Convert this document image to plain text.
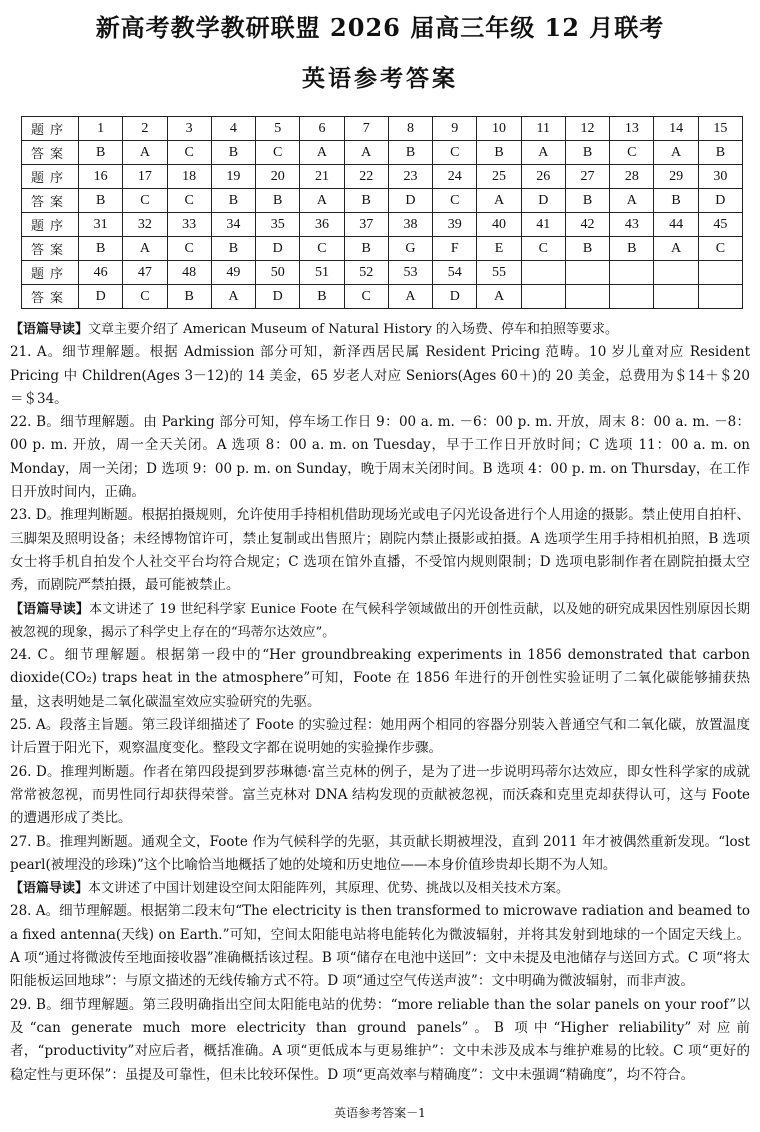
新高考教学教研联盟 2026 届高三年级 12 月联考
英语参考答案
题序	1	2	3	4	5	6	7	8	9	10	11	12	13	14	15
答案	B	A	C	B	C	A	A	B	C	B	A	B	C	A	B
题序	16	17	18	19	20	21	22	23	24	25	26	27	28	29	30
答案	B	C	C	B	B	A	B	D	C	A	D	B	A	B	D
题序	31	32	33	34	35	36	37	38	39	40	41	42	43	44	45
答案	B	A	C	B	D	C	B	G	F	E	C	B	B	A	C
题序	46	47	48	49	50	51	52	53	54	55					
答案	D	C	B	A	D	B	C	A	D	A					

【语篇导读】文章主要介绍了 American Museum of Natural History 的入场费、停车和拍照等要求。

21. A。细节理解题。根据 Admission 部分可知，新泽西居民属 Resident Pricing 范畴。10 岁儿童对应 Resident Pricing 中 Children(Ages 3－12)的 14 美金，65 岁老人对应 Seniors(Ages 60＋)的 20 美金，总费用为＄14＋＄20＝＄34。

22. B。细节理解题。由 Parking 部分可知，停车场工作日 9：00 a. m. －6：00 p. m. 开放，周末 8：00 a. m. －8：00 p. m. 开放，周一全天关闭。A 选项 8：00 a. m. on Tuesday，早于工作日开放时间；C 选项 11：00 a. m. on Monday，周一关闭；D 选项 9：00 p. m. on Sunday，晚于周末关闭时间。B 选项 4：00 p. m. on Thursday，在工作日开放时间内，正确。

23. D。推理判断题。根据拍摄规则，允许使用手持相机借助现场光或电子闪光设备进行个人用途的摄影。禁止使用自拍杆、三脚架及照明设备；未经博物馆许可，禁止复制或出售照片；剧院内禁止摄影或拍摄。A 选项学生用手持相机拍照，B 选项女士将手机自拍发个人社交平台均符合规定；C 选项在馆外直播，不受馆内规则限制；D 选项电影制作者在剧院拍摄太空秀，而剧院严禁拍摄，最可能被禁止。

【语篇导读】本文讲述了 19 世纪科学家 Eunice Foote 在气候科学领域做出的开创性贡献，以及她的研究成果因性别原因长期被忽视的现象，揭示了科学史上存在的“玛蒂尔达效应”。

24. C。细节理解题。根据第一段中的“Her groundbreaking experiments in 1856 demonstrated that carbon dioxide(CO₂) traps heat in the atmosphere”可知，Foote 在 1856 年进行的开创性实验证明了二氧化碳能够捕获热量，这表明她是二氧化碳温室效应实验研究的先驱。

25. A。段落主旨题。第三段详细描述了 Foote 的实验过程：她用两个相同的容器分别装入普通空气和二氧化碳，放置温度计后置于阳光下，观察温度变化。整段文字都在说明她的实验操作步骤。

26. D。推理判断题。作者在第四段提到罗莎琳德·富兰克林的例子，是为了进一步说明玛蒂尔达效应，即女性科学家的成就常常被忽视，而男性同行却获得荣誉。富兰克林对 DNA 结构发现的贡献被忽视，而沃森和克里克却获得认可，这与 Foote 的遭遇形成了类比。

27. B。推理判断题。通观全文，Foote 作为气候科学的先驱，其贡献长期被埋没，直到 2011 年才被偶然重新发现。“lost pearl(被埋没的珍珠)”这个比喻恰当地概括了她的处境和历史地位——本身价值珍贵却长期不为人知。

【语篇导读】本文讲述了中国计划建设空间太阳能阵列，其原理、优势、挑战以及相关技术方案。

28. A。细节理解题。根据第二段末句“The electricity is then transformed to microwave radiation and beamed to a fixed antenna(天线) on Earth.”可知，空间太阳能电站将电能转化为微波辐射，并将其发射到地球的一个固定天线上。A 项“通过将微波传至地面接收器”准确概括该过程。B 项“储存在电池中送回”：文中未提及电池储存与送回方式。C 项“将太阳能板运回地球”：与原文描述的无线传输方式不符。D 项“通过空气传送声波”：文中明确为微波辐射，而非声波。

29. B。细节理解题。第三段明确指出空间太阳能电站的优势：“more reliable than the solar panels on your roof”以及“can generate much more electricity than ground panels”。B 项中“Higher reliability”对应前者，“productivity”对应后者，概括准确。A 项“更低成本与更易维护”：文中未涉及成本与维护难易的比较。C 项“更好的稳定性与更环保”：虽提及可靠性，但未比较环保性。D 项“更高效率与精确度”：文中未强调“精确度”，均不符合。

英语参考答案－1
